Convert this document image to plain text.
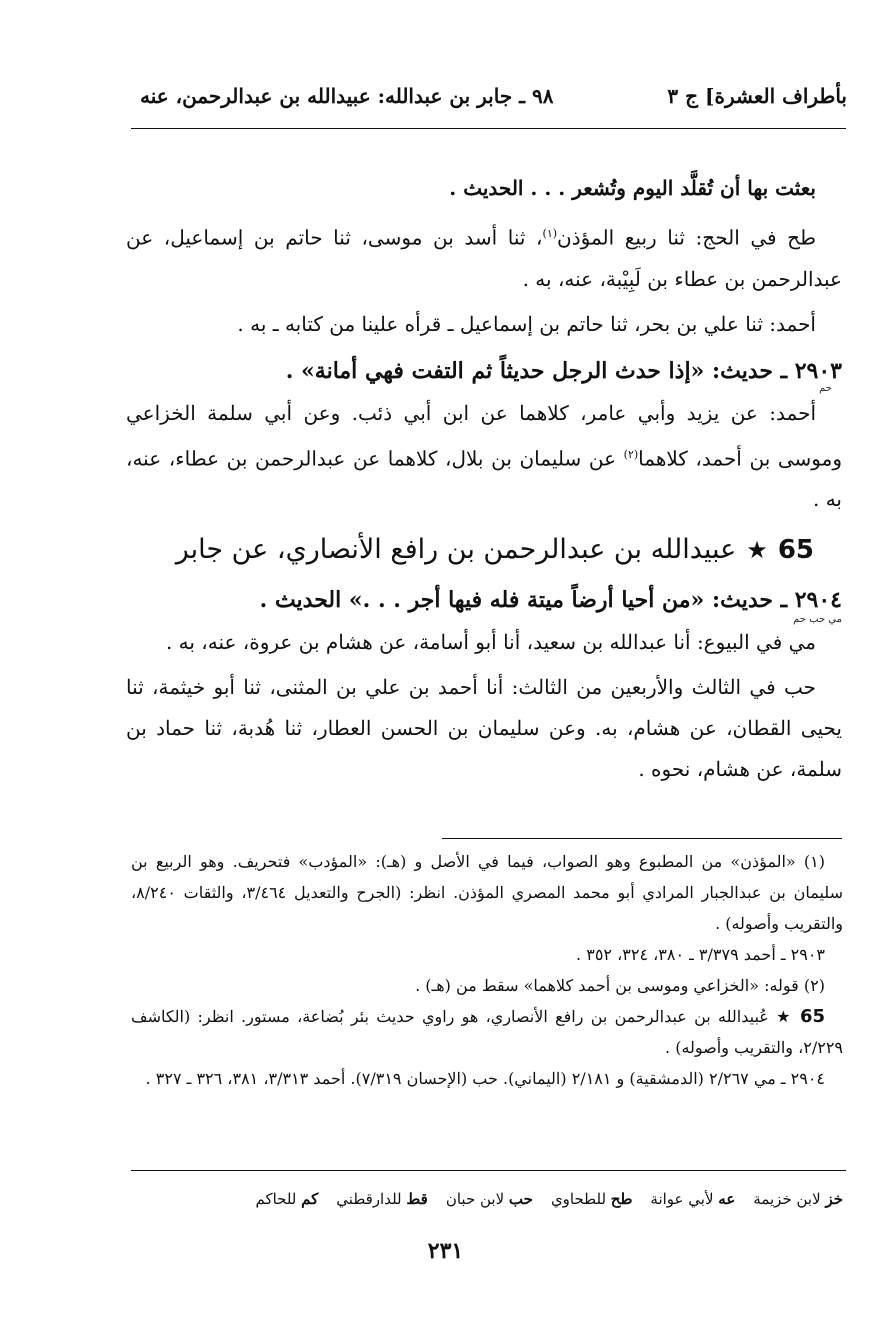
بأطراف العشرة] ج ٣
٩٨ ـ جابر بن عبدالله: عبيدالله بن عبدالرحمن، عنه

بعثت بها أن تُقلَّد اليوم وتُشعر . . . الحديث .

طح في الحج: ثنا ربيع المؤذن$^{(١)}$، ثنا أسد بن موسى، ثنا حاتم بن إسماعيل، عن عبدالرحمن بن عطاء بن لَبِيْبة، عنه، به .

أحمد: ثنا علي بن بحر، ثنا حاتم بن إسماعيل ـ قرأه علينا من كتابه ـ به .

٢٩٠٣ ـ حديث: «إذا حدث الرجل حديثاً ثم التفت فهي أمانة» .

حم

أحمد: عن يزيد وأبي عامر، كلاهما عن ابن أبي ذئب. وعن أبي سلمة الخزاعي وموسى بن أحمد، كلاهما$^{(٢)}$ عن سليمان بن بلال، كلاهما عن عبدالرحمن بن عطاء، عنه، به .

65
★
عبيدالله بن عبدالرحمن بن رافع الأنصاري، عن جابر

٢٩٠٤ ـ حديث: «من أحيا أرضاً ميتة فله فيها أجر . . .» الحديث .

مي حب حم

مي في البيوع: أنا عبدالله بن سعيد، أنا أبو أسامة، عن هشام بن عروة، عنه، به .

حب في الثالث والأربعين من الثالث: أنا أحمد بن علي بن المثنى، ثنا أبو خيثمة، ثنا يحيى القطان، عن هشام، به. وعن سليمان بن الحسن العطار، ثنا هُدبة، ثنا حماد بن سلمة، عن هشام، نحوه .

(١) «المؤذن» من المطبوع وهو الصواب، فيما في الأصل و (هـ): «المؤدب» فتحريف. وهو الربيع بن سليمان بن عبدالجبار المرادي أبو محمد المصري المؤذن. انظر: (الجرح والتعديل ٣/٤٦٤، والثقات ٨/٢٤٠، والتقريب وأصوله) .

٢٩٠٣ ـ أحمد ٣/٣٧٩ ـ ٣٨٠، ٣٢٤، ٣٥٢ .

(٢) قوله: «الخزاعي وموسى بن أحمد كلاهما» سقط من (هـ) .

65 ★ عُبيدالله بن عبدالرحمن بن رافع الأنصاري، هو راوي حديث بئر بُضاعة، مستور. انظر: (الكاشف ٢/٢٢٩، والتقريب وأصوله) .

٢٩٠٤ ـ مي ٢/٢٦٧ (الدمشقية) و ٢/١٨١ (اليماني). حب (الإحسان ٧/٣١٩). أحمد ٣/٣١٣، ٣٨١، ٣٢٦ ـ ٣٢٧ .

خز لابن خزيمة
عه لأبي عوانة
طح للطحاوي
حب لابن حبان
قط للدارقطني
كم للحاكم
٢٣١
